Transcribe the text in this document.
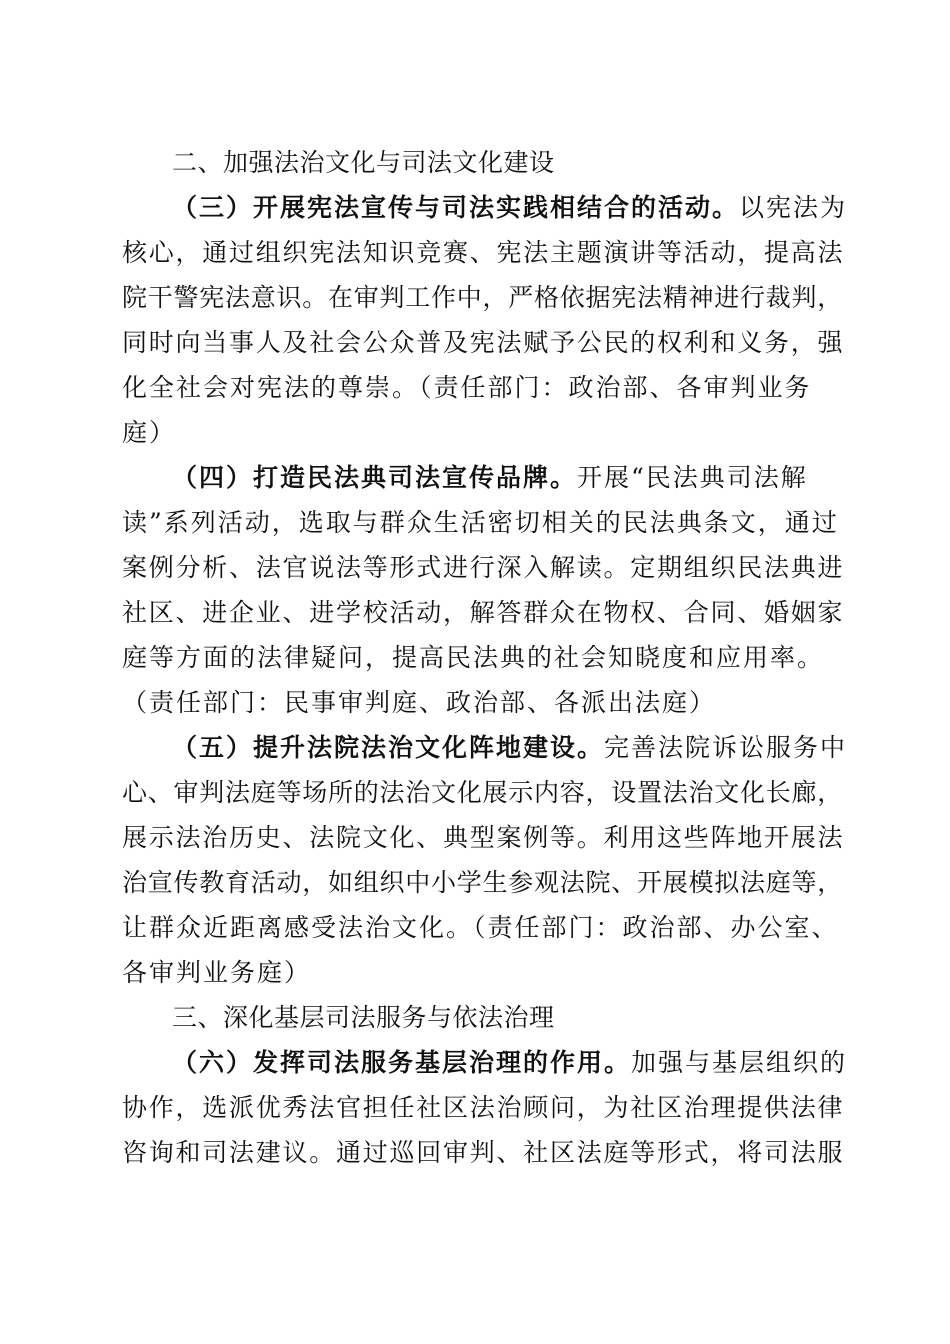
二、加强法治文化与司法文化建设
（三）开展宪法宣传与司法实践相结合的活动。以宪法为
核心，通过组织宪法知识竞赛、宪法主题演讲等活动，提高法
院干警宪法意识。在审判工作中，严格依据宪法精神进行裁判，
同时向当事人及社会公众普及宪法赋予公民的权利和义务，强
化全社会对宪法的尊崇。（责任部门：政治部、各审判业务
庭）
（四）打造民法典司法宣传品牌。开展“民法典司法解
读”系列活动，选取与群众生活密切相关的民法典条文，通过
案例分析、法官说法等形式进行深入解读。定期组织民法典进
社区、进企业、进学校活动，解答群众在物权、合同、婚姻家
庭等方面的法律疑问，提高民法典的社会知晓度和应用率。
（责任部门：民事审判庭、政治部、各派出法庭）
（五）提升法院法治文化阵地建设。完善法院诉讼服务中
心、审判法庭等场所的法治文化展示内容，设置法治文化长廊，
展示法治历史、法院文化、典型案例等。利用这些阵地开展法
治宣传教育活动，如组织中小学生参观法院、开展模拟法庭等，
让群众近距离感受法治文化。（责任部门：政治部、办公室、
各审判业务庭）
三、深化基层司法服务与依法治理
（六）发挥司法服务基层治理的作用。加强与基层组织的
协作，选派优秀法官担任社区法治顾问，为社区治理提供法律
咨询和司法建议。通过巡回审判、社区法庭等形式，将司法服
